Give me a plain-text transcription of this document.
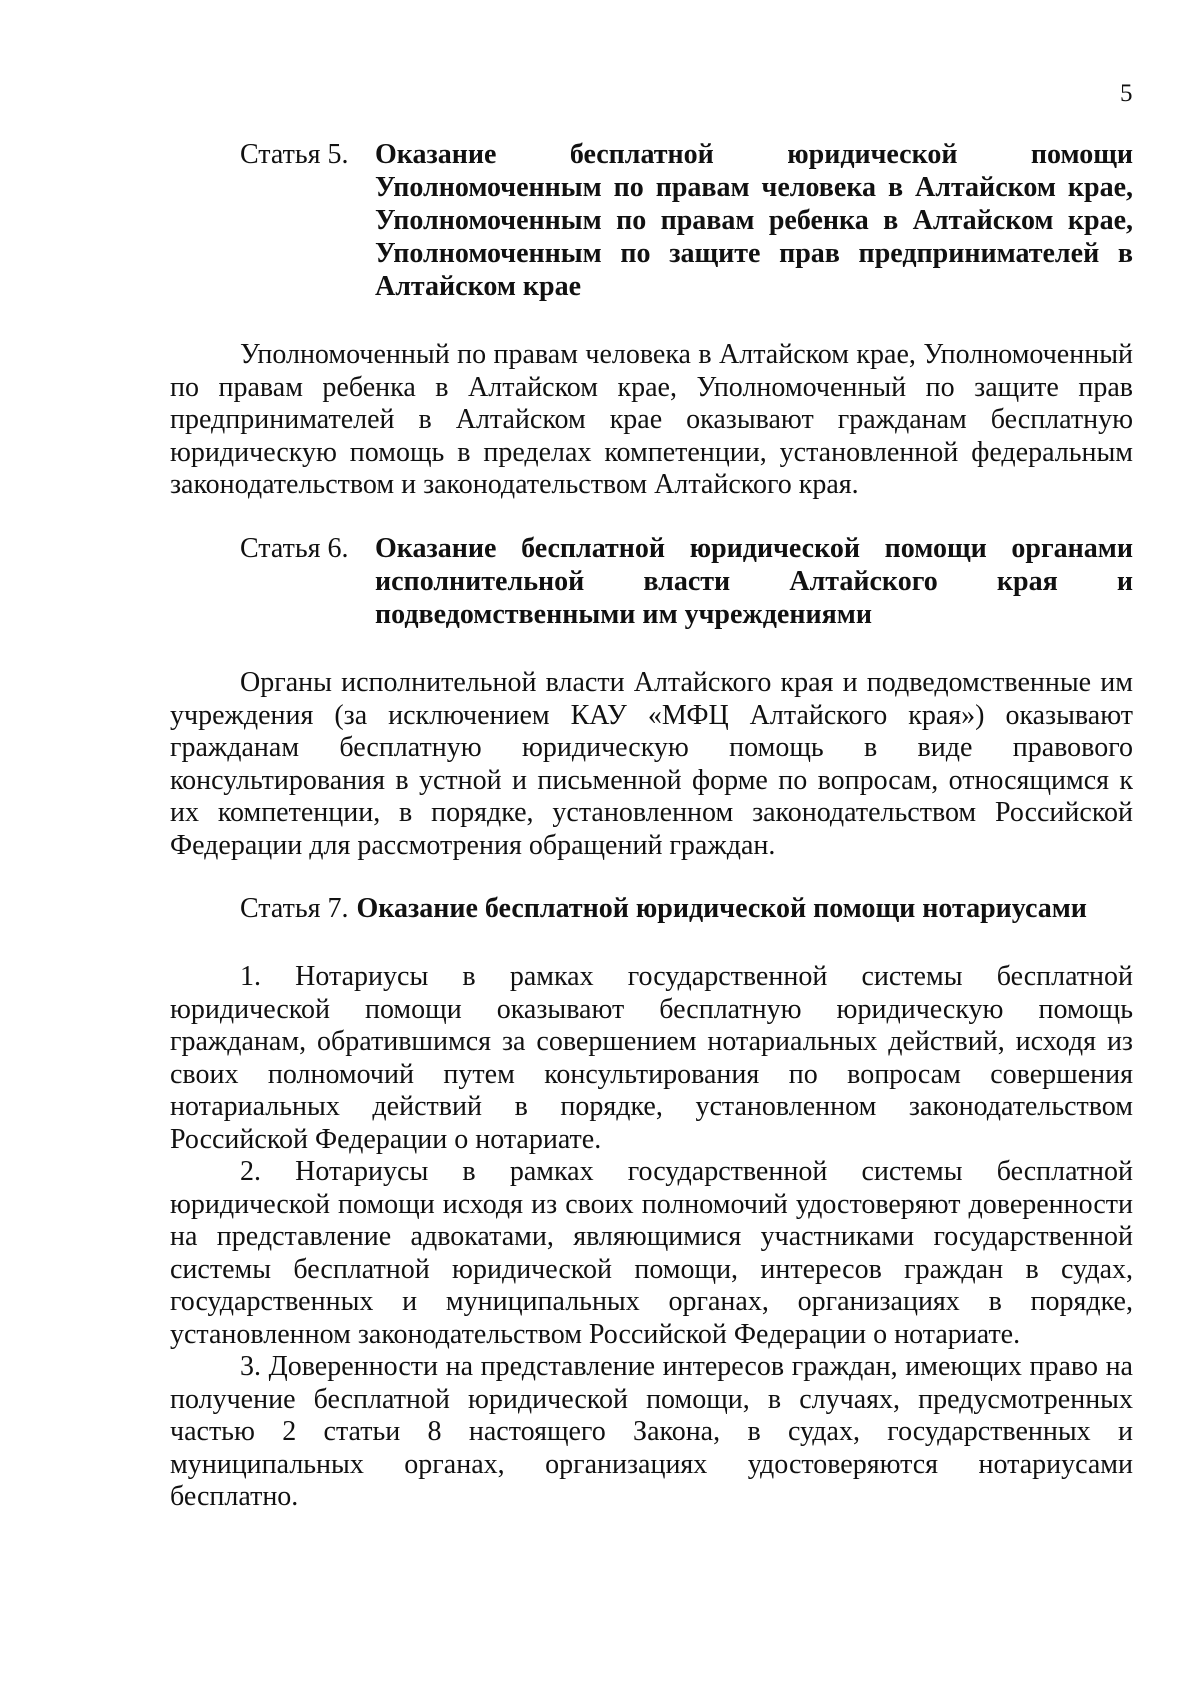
5
Статья 5. Оказание бесплатной юридической помощи Уполномоченным по правам человека в Алтайском крае, Уполномоченным по правам ребенка в Алтайском крае, Уполномоченным по защите прав предпринимателей в Алтайском крае

Уполномоченный по правам человека в Алтайском крае, Уполномоченный по правам ребенка в Алтайском крае, Уполномоченный по защите прав предпринимателей в Алтайском крае оказывают гражданам бесплатную юридическую помощь в пределах компетенции, установленной федеральным законодательством и законодательством Алтайского края.

Статья 6. Оказание бесплатной юридической помощи органами исполнительной власти Алтайского края и подведомственными им учреждениями

Органы исполнительной власти Алтайского края и подведомственные им учреждения (за исключением КАУ «МФЦ Алтайского края») оказывают гражданам бесплатную юридическую помощь в виде правового консультирования в устной и письменной форме по вопросам, относящимся к их компетенции, в порядке, установленном законодательством Российской Федерации для рассмотрения обращений граждан.

Статья 7. Оказание бесплатной юридической помощи нотариусами

1. Нотариусы в рамках государственной системы бесплатной юридической помощи оказывают бесплатную юридическую помощь гражданам, обратившимся за совершением нотариальных действий, исходя из своих полномочий путем консультирования по вопросам совершения нотариальных действий в порядке, установленном законодательством Российской Федерации о нотариате.

2. Нотариусы в рамках государственной системы бесплатной юридической помощи исходя из своих полномочий удостоверяют доверенности на представление адвокатами, являющимися участниками государственной системы бесплатной юридической помощи, интересов граждан в судах, государственных и муниципальных органах, организациях в порядке, установленном законодательством Российской Федерации о нотариате.

3. Доверенности на представление интересов граждан, имеющих право на получение бесплатной юридической помощи, в случаях, предусмотренных частью 2 статьи 8 настоящего Закона, в судах, государственных и муниципальных органах, организациях удостоверяются нотариусами бесплатно.
